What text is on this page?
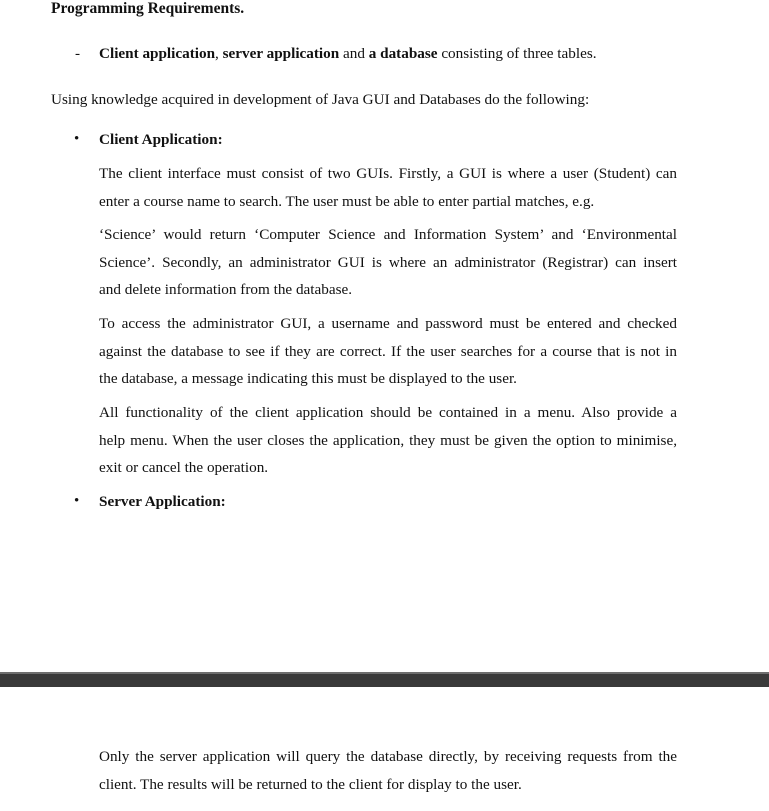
Programming Requirements.
- Client application, server application and a database consisting of three tables.
Using knowledge acquired in development of Java GUI and Databases do the following:
• Client Application:
The client interface must consist of two GUIs. Firstly, a GUI is where a user (Student) can
enter a course name to search. The user must be able to enter partial matches, e.g.
‘Science’ would return ‘Computer Science and Information System’ and ‘Environmental
Science’. Secondly, an administrator GUI is where an administrator (Registrar) can insert
and delete information from the database.
To access the administrator GUI, a username and password must be entered and checked
against the database to see if they are correct. If the user searches for a course that is not in
the database, a message indicating this must be displayed to the user.
All functionality of the client application should be contained in a menu. Also provide a
help menu. When the user closes the application, they must be given the option to minimise,
exit or cancel the operation.
• Server Application:
Only the server application will query the database directly, by receiving requests from the
client. The results will be returned to the client for display to the user.
